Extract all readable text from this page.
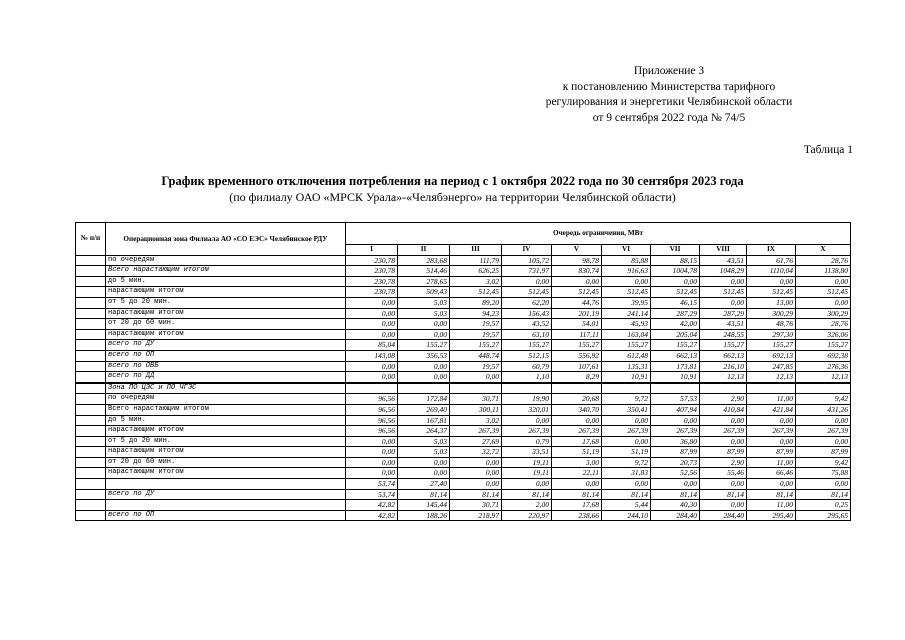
Приложение 3
к постановлению Министерства тарифного
регулирования и энергетики Челябинской области
от 9 сентября 2022 года № 74/5
Таблица 1
График временного отключения потребления на период с 1 октября 2022 года по 30 сентября 2023 года
(по филиалу ОАО «МРСК Урала»-«Челябэнерго» на территории Челябинской области)
№ п/п	Операционная зона Филиала АО «СО ЕЭС» Челябинское РДУ	Очередь ограничения, МВт									
		I	II	III	IV	V	VI	VII	VIII	IX	X
	по очередям	230,78	283,68	111,79	105,72	98,78	85,88	88,15	43,51	61,76	28,76
	Всего нарастающим итогом	230,78	514,46	626,25	731,97	830,74	916,63	1004,78	1048,29	1110,04	1138,80
	до 5 мин.	230,78	278,65	3,02	0,00	0,00	0,00	0,00	0,00	0,00	0,00
	нарастающим итогом	230,78	509,43	512,45	512,45	512,45	512,45	512,45	512,45	512,45	512,45
	от 5 до 20 мин.	0,00	5,03	89,20	62,20	44,76	39,95	46,15	0,00	13,00	0,00
	нарастающим итогом	0,00	5,03	94,23	156,43	201,19	241,14	287,29	287,29	300,29	300,29
	от 20 до 60 мин.	0,00	0,00	19,57	43,52	54,01	45,93	42,00	43,51	48,76	28,76
	нарастающим итогом	0,00	0,00	19,57	63,10	117,11	163,04	205,04	248,55	297,30	326,06
	всего по ДУ	85,04	155,27	155,27	155,27	155,27	155,27	155,27	155,27	155,27	155,27
	всего по ОП	143,08	356,53	448,74	512,15	556,92	612,48	662,13	662,13	692,13	692,38
	всего по ОВБ	0,00	0,00	19,57	60,79	107,61	135,31	173,81	216,10	247,85	276,36
	всего по ДД	0,00	0,00	0,00	1,10	8,29	10,91	10,91	12,13	12,13	12,13

	Зона ПО ЦЭС и ПО ЧГЭС										
	по очередям	96,56	172,84	30,71	19,90	20,68	9,72	57,53	2,90	11,00	9,42
	Всего нарастающим итогом	96,56	269,40	300,11	320,01	340,70	350,41	407,94	410,84	421,84	431,26
	до 5 мин.	96,56	167,81	3,02	0,00	0,00	0,00	0,00	0,00	0,00	0,00
	нарастающим итогом	96,56	264,37	267,39	267,39	267,39	267,39	267,39	267,39	267,39	267,39
	от 5 до 20 мин.	0,00	5,03	27,69	0,79	17,68	0,00	36,80	0,00	0,00	0,00
	нарастающим итогом	0,00	5,03	32,72	33,51	51,19	51,19	87,99	87,99	87,99	87,99
	от 20 до 60 мин.	0,00	0,00	0,00	19,11	3,00	9,72	20,73	2,90	11,00	9,42
	нарастающим итогом	0,00	0,00	0,00	19,11	22,11	31,83	52,56	55,46	66,46	75,88
		53,74	27,40	0,00	0,00	0,00	0,00	0,00	0,00	0,00	0,00
	всего по ДУ	53,74	81,14	81,14	81,14	81,14	81,14	81,14	81,14	81,14	81,14
		42,82	145,44	30,71	2,00	17,68	5,44	40,30	0,00	11,00	0,25
	всего по ОП	42,82	188,26	218,97	220,97	238,66	244,10	284,40	284,40	295,40	295,65
